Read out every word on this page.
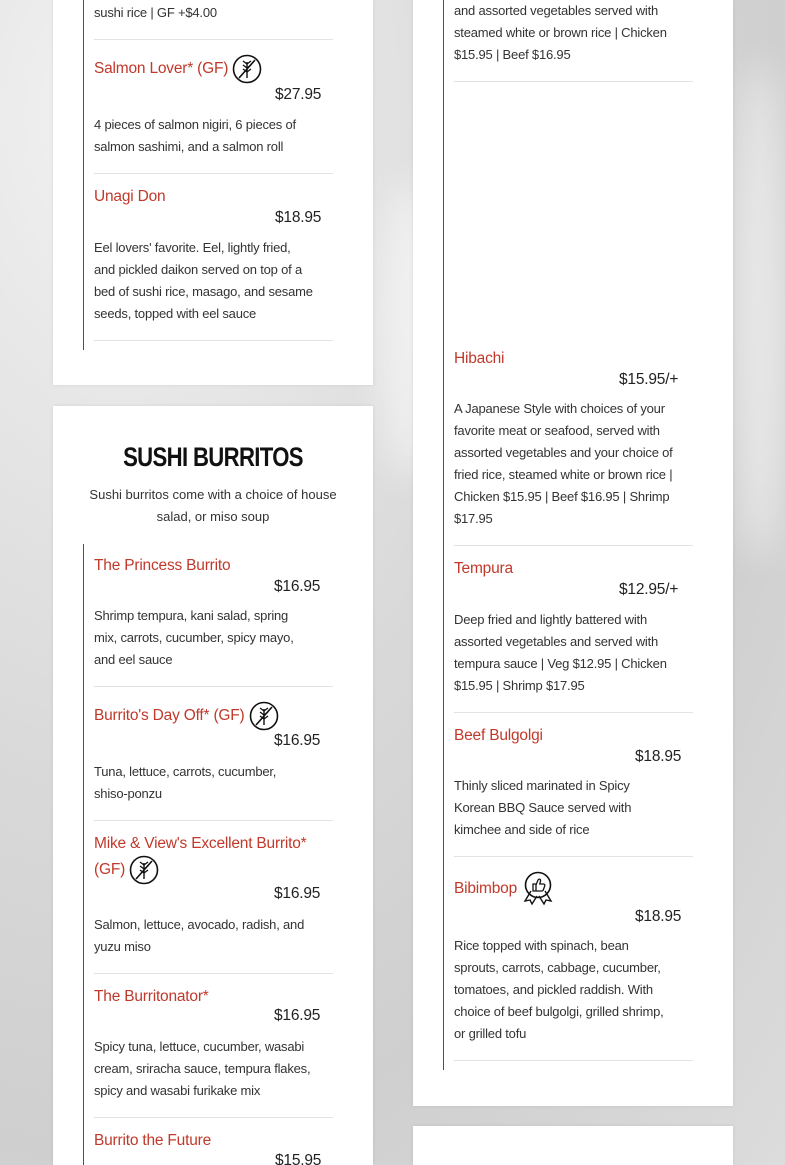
sushi rice | GF +$4.00
Salmon Lover* (GF)
$27.95
4 pieces of salmon nigiri, 6 pieces of salmon sashimi, and a salmon roll
Unagi Don
$18.95
Eel lovers' favorite. Eel, lightly fried, and pickled daikon served on top of a bed of sushi rice, masago, and sesame seeds, topped with eel sauce
SUSHI BURRITOS
Sushi burritos come with a choice of house salad, or miso soup
The Princess Burrito
$16.95
Shrimp tempura, kani salad, spring mix, carrots, cucumber, spicy mayo, and eel sauce
Burrito's Day Off* (GF)
$16.95
Tuna, lettuce, carrots, cucumber, shiso-ponzu
Mike & View's Excellent Burrito* (GF)
$16.95
Salmon, lettuce, avocado, radish, and yuzu miso
The Burritonator*
$16.95
Spicy tuna, lettuce, cucumber, wasabi cream, sriracha sauce, tempura flakes, spicy and wasabi furikake mix
Burrito the Future
$15.95
and assorted vegetables served with steamed white or brown rice | Chicken $15.95 | Beef $16.95
Hibachi
$15.95/+
A Japanese Style with choices of your favorite meat or seafood, served with assorted vegetables and your choice of fried rice, steamed white or brown rice | Chicken $15.95 | Beef $16.95 | Shrimp $17.95
Tempura
$12.95/+
Deep fried and lightly battered with assorted vegetables and served with tempura sauce | Veg $12.95 | Chicken $15.95 | Shrimp $17.95
Beef Bulgolgi
$18.95
Thinly sliced marinated in Spicy Korean BBQ Sauce served with kimchee and side of rice
Bibimbop
$18.95
Rice topped with spinach, bean sprouts, carrots, cabbage, cucumber, tomatoes, and pickled raddish. With choice of beef bulgolgi, grilled shrimp, or grilled tofu
